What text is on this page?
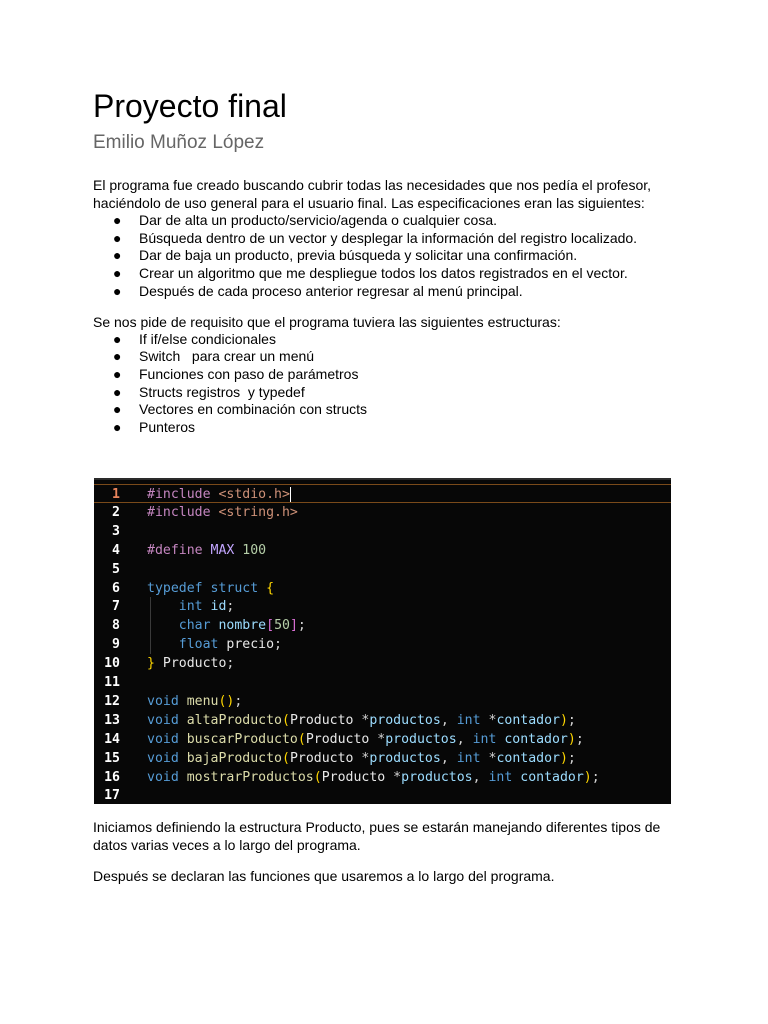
Proyecto final
Emilio Muñoz López

El programa fue creado buscando cubrir todas las necesidades que nos pedía el profesor, haciéndolo de uso general para el usuario final. Las especificaciones eran las siguientes:

● Dar de alta un producto/servicio/agenda o cualquier cosa.
● Búsqueda dentro de un vector y desplegar la información del registro localizado.
● Dar de baja un producto, previa búsqueda y solicitar una confirmación.
● Crear un algoritmo que me despliegue todos los datos registrados en el vector.
● Después de cada proceso anterior regresar al menú principal.

Se nos pide de requisito que el programa tuviera las siguientes estructuras:

● If if/else condicionales
● Switch   para crear un menú
● Funciones con paso de parámetros
● Structs registros  y typedef
● Vectores en combinación con structs
● Punteros
1 #include <stdio.h>
2 #include <string.h>
3
4 #define MAX 100
5
6 typedef struct {
7	int id;
8	char nombre[50];
9	float precio;
10 } Producto;
11
12 void menu();
13 void altaProducto(Producto *productos, int *contador);
14 void buscarProducto(Producto *productos, int contador);
15 void bajaProducto(Producto *productos, int *contador);
16 void mostrarProductos(Producto *productos, int contador);
17

Iniciamos definiendo la estructura Producto, pues se estarán manejando diferentes tipos de datos varias veces a lo largo del programa.

Después se declaran las funciones que usaremos a lo largo del programa.
